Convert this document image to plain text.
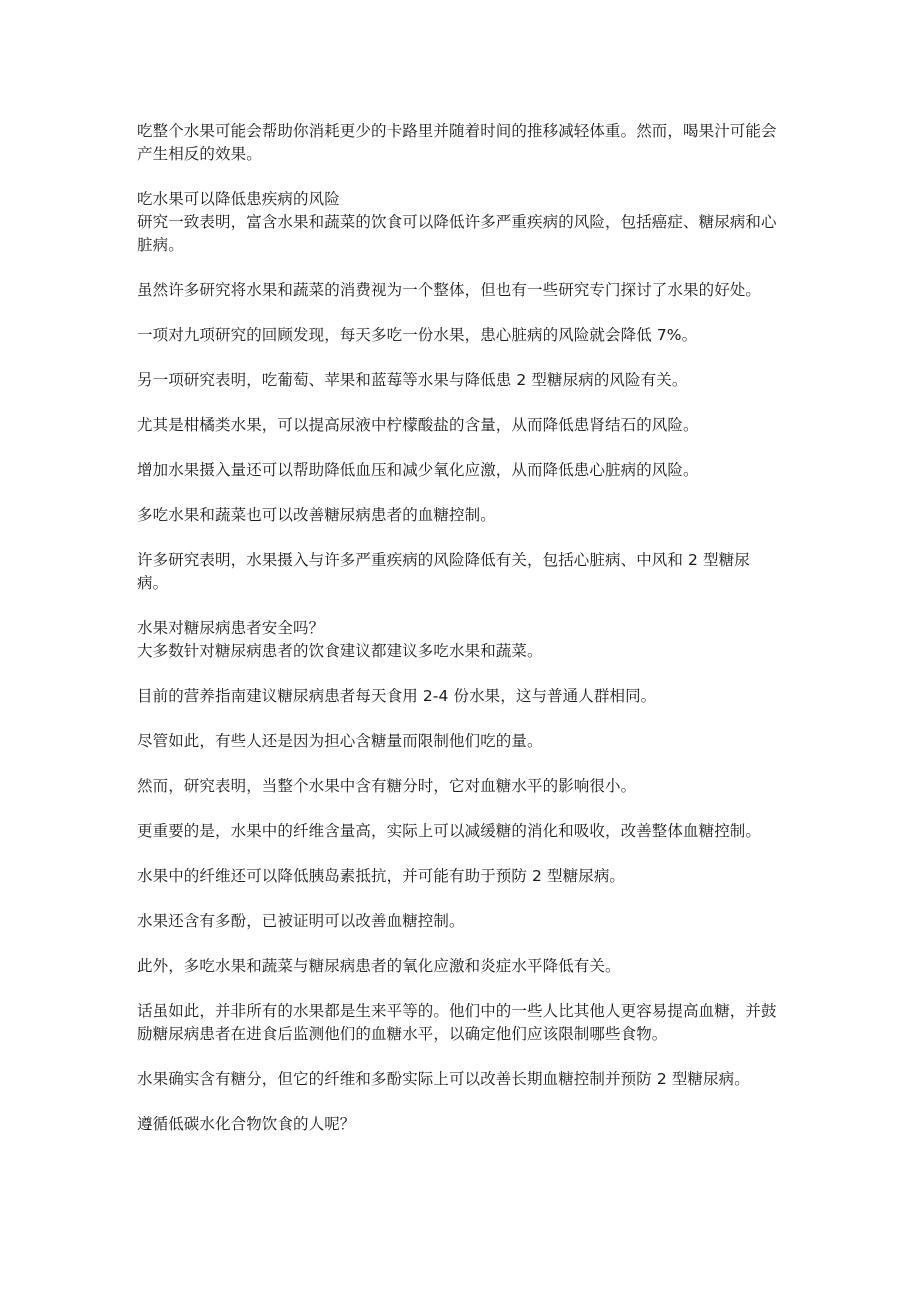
吃整个水果可能会帮助你消耗更少的卡路里并随着时间的推移减轻体重。然而，喝果汁可能会产生相反的效果。

吃水果可以降低患疾病的风险
研究一致表明，富含水果和蔬菜的饮食可以降低许多严重疾病的风险，包括癌症、糖尿病和心脏病。

虽然许多研究将水果和蔬菜的消费视为一个整体，但也有一些研究专门探讨了水果的好处。

一项对九项研究的回顾发现，每天多吃一份水果，患心脏病的风险就会降低 7%。

另一项研究表明，吃葡萄、苹果和蓝莓等水果与降低患 2 型糖尿病的风险有关。

尤其是柑橘类水果，可以提高尿液中柠檬酸盐的含量，从而降低患肾结石的风险。

增加水果摄入量还可以帮助降低血压和减少氧化应激，从而降低患心脏病的风险。

多吃水果和蔬菜也可以改善糖尿病患者的血糖控制。

许多研究表明，水果摄入与许多严重疾病的风险降低有关，包括心脏病、中风和 2 型糖尿病。

水果对糖尿病患者安全吗？
大多数针对糖尿病患者的饮食建议都建议多吃水果和蔬菜。

目前的营养指南建议糖尿病患者每天食用 2-4 份水果，这与普通人群相同。

尽管如此，有些人还是因为担心含糖量而限制他们吃的量。

然而，研究表明，当整个水果中含有糖分时，它对血糖水平的影响很小。

更重要的是，水果中的纤维含量高，实际上可以减缓糖的消化和吸收，改善整体血糖控制。

水果中的纤维还可以降低胰岛素抵抗，并可能有助于预防 2 型糖尿病。

水果还含有多酚，已被证明可以改善血糖控制。

此外，多吃水果和蔬菜与糖尿病患者的氧化应激和炎症水平降低有关。

话虽如此，并非所有的水果都是生来平等的。他们中的一些人比其他人更容易提高血糖，并鼓励糖尿病患者在进食后监测他们的血糖水平，以确定他们应该限制哪些食物。

水果确实含有糖分，但它的纤维和多酚实际上可以改善长期血糖控制并预防 2 型糖尿病。

遵循低碳水化合物饮食的人呢？
